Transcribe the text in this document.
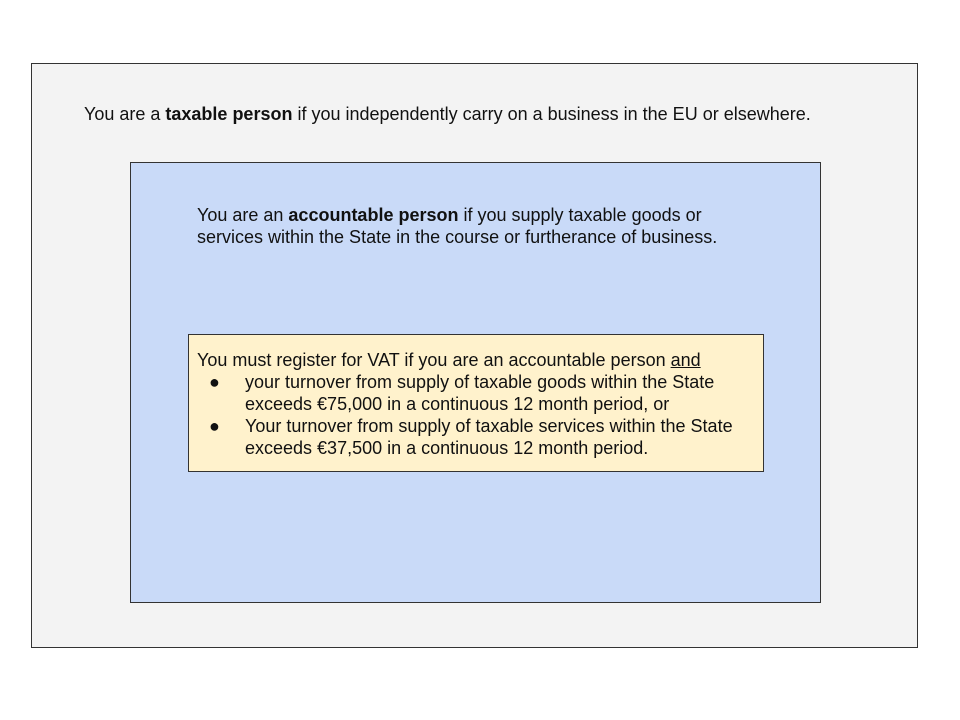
You are a taxable person if you independently carry on a business in the EU or elsewhere.
You are an accountable person if you supply taxable goods or services within the State in the course or furtherance of business.
You must register for VAT if you are an accountable person and
● your turnover from supply of taxable goods within the State exceeds €75,000 in a continuous 12 month period, or
● Your turnover from supply of taxable services within the State exceeds €37,500 in a continuous 12 month period.
